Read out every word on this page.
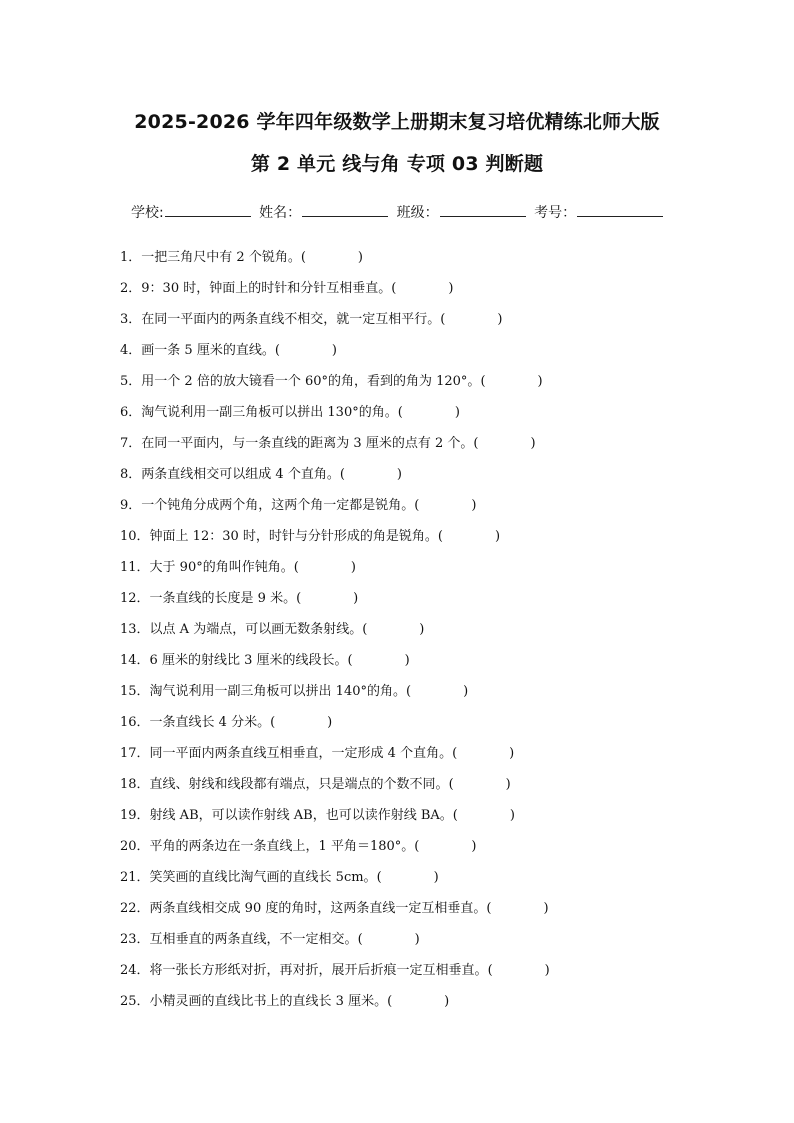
2025-2026 学年四年级数学上册期末复习培优精练北师大版
第 2 单元 线与角 专项 03 判断题
学校:	姓名：	班级：	考号：
1．一把三角尺中有 2 个锐角。(	)
2．9：30 时，钟面上的时针和分针互相垂直。(	)
3．在同一平面内的两条直线不相交，就一定互相平行。(	)
4．画一条 5 厘米的直线。(	)
5．用一个 2 倍的放大镜看一个 60°的角，看到的角为 120°。(	)
6．淘气说利用一副三角板可以拼出 130°的角。(	)
7．在同一平面内，与一条直线的距离为 3 厘米的点有 2 个。(	)
8．两条直线相交可以组成 4 个直角。(	)
9．一个钝角分成两个角，这两个角一定都是锐角。(	)
10．钟面上 12：30 时，时针与分针形成的角是锐角。(	)
11．大于 90°的角叫作钝角。(	)
12．一条直线的长度是 9 米。(	)
13．以点 A 为端点，可以画无数条射线。(	)
14．6 厘米的射线比 3 厘米的线段长。(	)
15．淘气说利用一副三角板可以拼出 140°的角。(	)
16．一条直线长 4 分米。(	)
17．同一平面内两条直线互相垂直，一定形成 4 个直角。(	)
18．直线、射线和线段都有端点，只是端点的个数不同。(	)
19．射线 AB，可以读作射线 AB，也可以读作射线 BA。(	)
20．平角的两条边在一条直线上，1 平角＝180°。(	)
21．笑笑画的直线比淘气画的直线长 5cm。(	)
22．两条直线相交成 90 度的角时，这两条直线一定互相垂直。(	)
23．互相垂直的两条直线，不一定相交。(	)
24．将一张长方形纸对折，再对折，展开后折痕一定互相垂直。(	)
25．小精灵画的直线比书上的直线长 3 厘米。(	)
